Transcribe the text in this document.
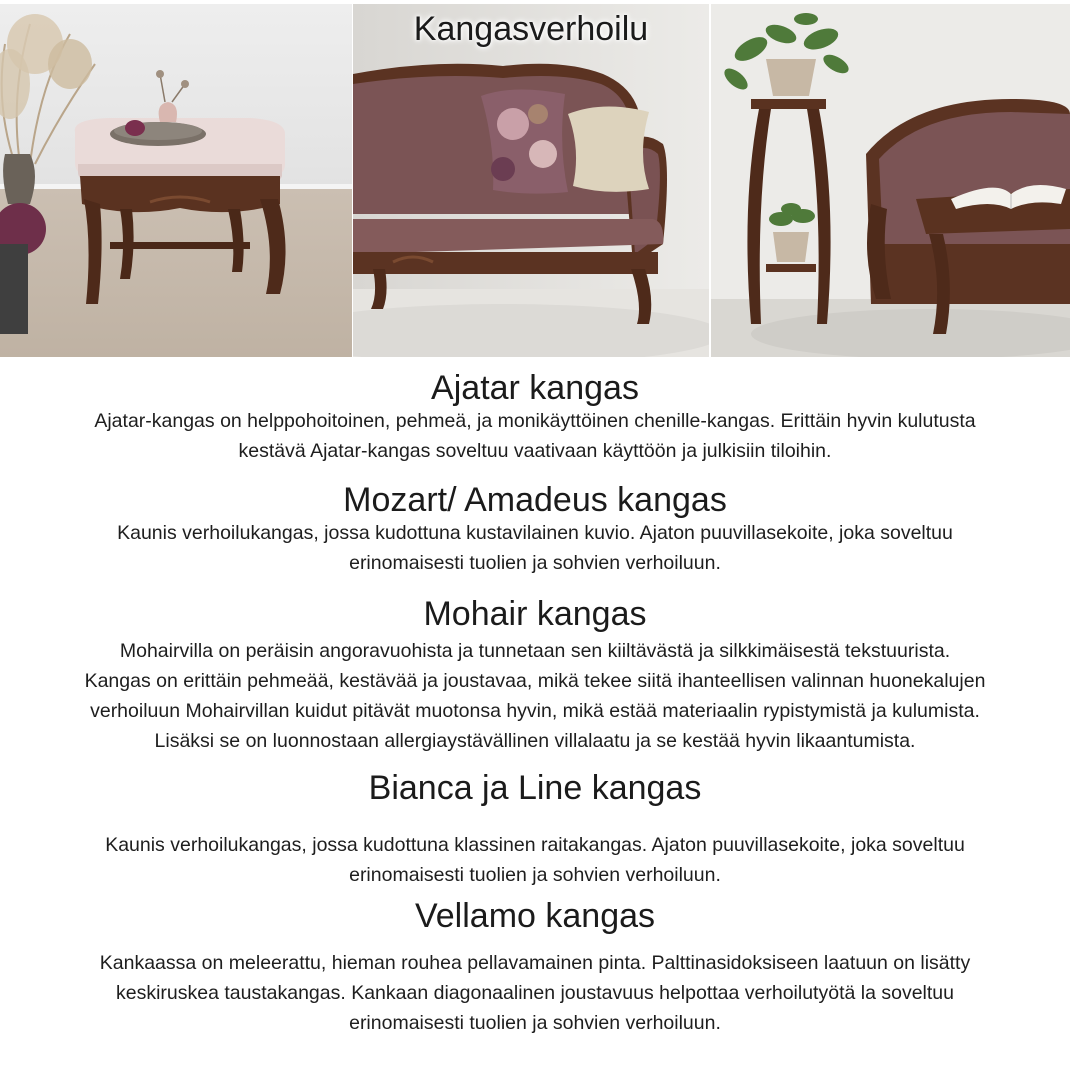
Kangasverhoilu
Ajatar kangas
Ajatar-kangas on helppohoitoinen, pehmeä, ja monikäyttöinen chenille-kangas. Erittäin hyvin kulutusta
kestävä Ajatar-kangas soveltuu vaativaan käyttöön ja julkisiin tiloihin.
Mozart/ Amadeus kangas
Kaunis verhoilukangas, jossa kudottuna kustavilainen kuvio. Ajaton puuvillasekoite, joka soveltuu
erinomaisesti tuolien ja sohvien verhoiluun.
Mohair kangas
Mohairvilla on peräisin angoravuohista ja tunnetaan sen kiiltävästä ja silkkimäisestä tekstuurista.
Kangas on erittäin pehmeää, kestävää ja joustavaa, mikä tekee siitä ihanteellisen valinnan huonekalujen
verhoiluun Mohairvillan kuidut pitävät muotonsa hyvin, mikä estää materiaalin rypistymistä ja kulumista.
Lisäksi se on luonnostaan allergiaystävällinen villalaatu ja se kestää hyvin likaantumista.
Bianca ja Line kangas
Kaunis verhoilukangas, jossa kudottuna klassinen raitakangas. Ajaton puuvillasekoite, joka soveltuu
erinomaisesti tuolien ja sohvien verhoiluun.
Vellamo kangas
Kankaassa on meleerattu, hieman rouhea pellavamainen pinta. Palttinasidoksiseen laatuun on lisätty
keskiruskea taustakangas. Kankaan diagonaalinen joustavuus helpottaa verhoilutyötä la soveltuu
erinomaisesti tuolien ja sohvien verhoiluun.
